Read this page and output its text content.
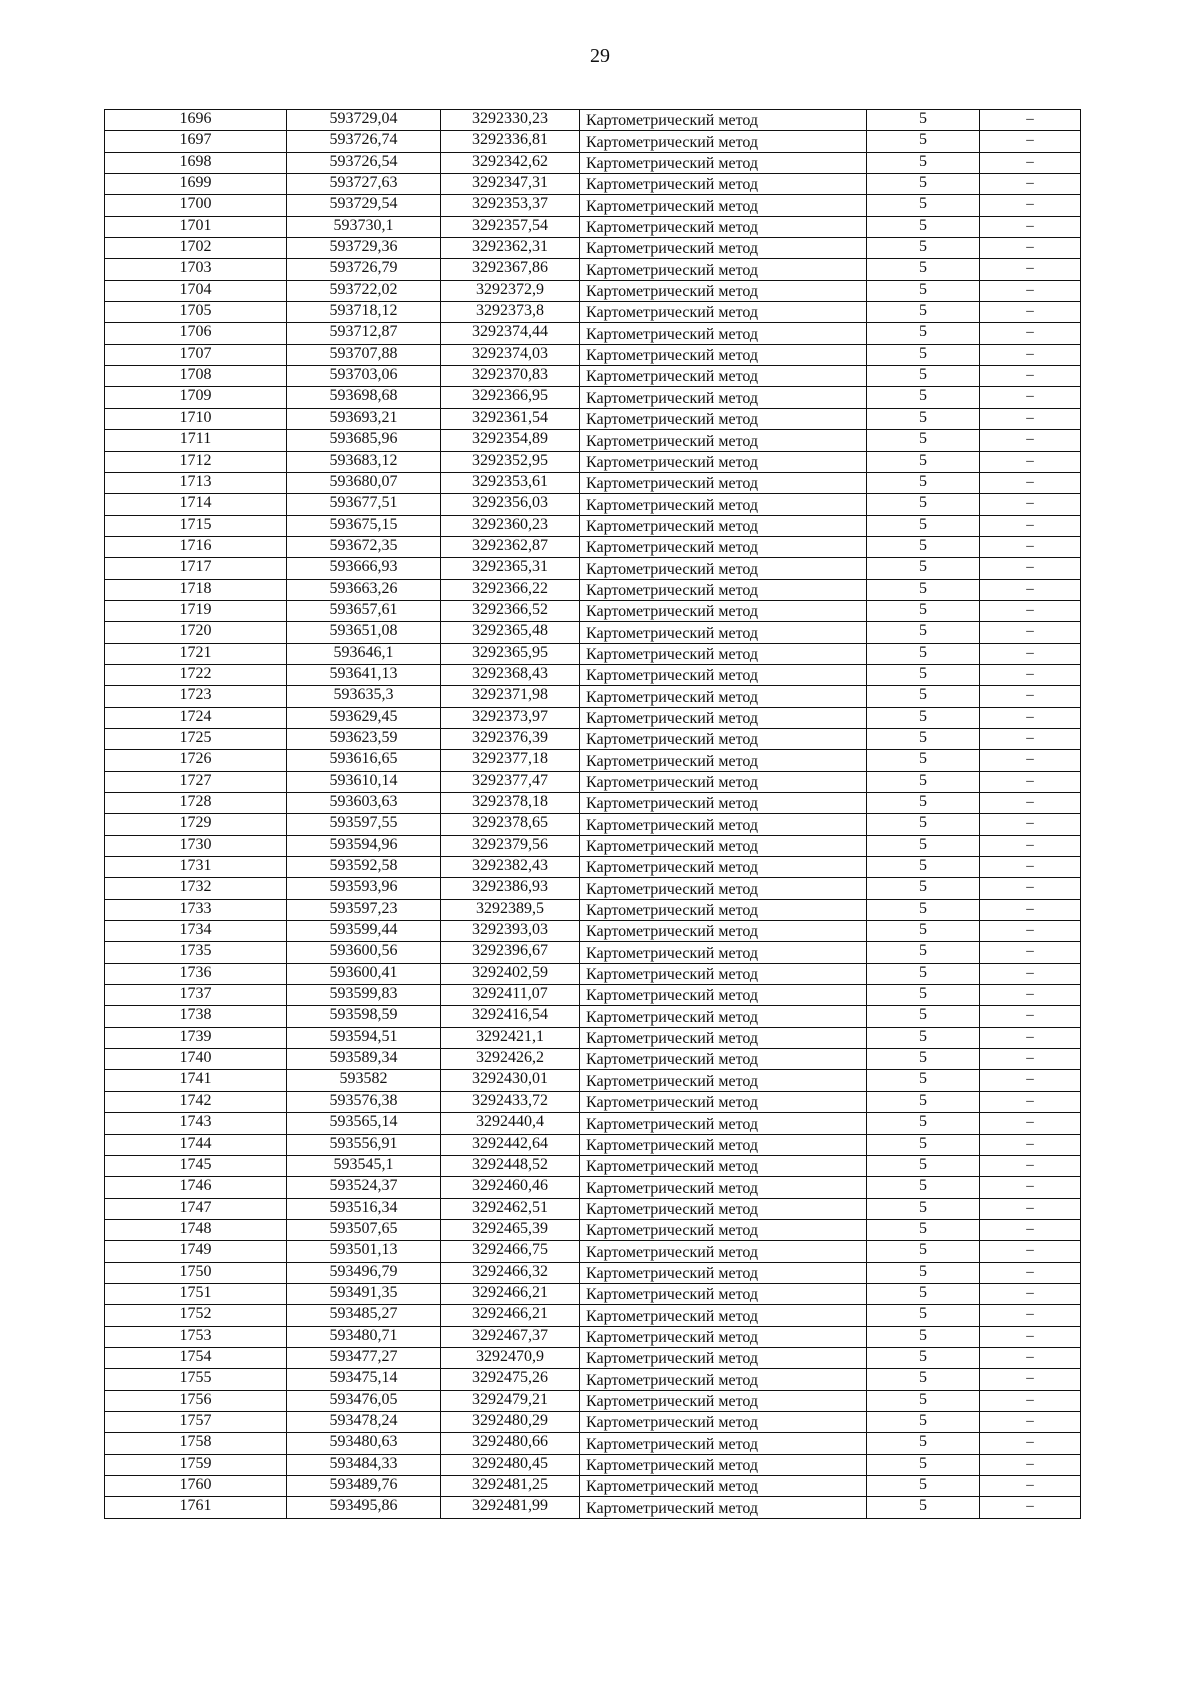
29
1696	593729,04	3292330,23	Картометрический метод	5	–
1697	593726,74	3292336,81	Картометрический метод	5	–
1698	593726,54	3292342,62	Картометрический метод	5	–
1699	593727,63	3292347,31	Картометрический метод	5	–
1700	593729,54	3292353,37	Картометрический метод	5	–
1701	593730,1	3292357,54	Картометрический метод	5	–
1702	593729,36	3292362,31	Картометрический метод	5	–
1703	593726,79	3292367,86	Картометрический метод	5	–
1704	593722,02	3292372,9	Картометрический метод	5	–
1705	593718,12	3292373,8	Картометрический метод	5	–
1706	593712,87	3292374,44	Картометрический метод	5	–
1707	593707,88	3292374,03	Картометрический метод	5	–
1708	593703,06	3292370,83	Картометрический метод	5	–
1709	593698,68	3292366,95	Картометрический метод	5	–
1710	593693,21	3292361,54	Картометрический метод	5	–
1711	593685,96	3292354,89	Картометрический метод	5	–
1712	593683,12	3292352,95	Картометрический метод	5	–
1713	593680,07	3292353,61	Картометрический метод	5	–
1714	593677,51	3292356,03	Картометрический метод	5	–
1715	593675,15	3292360,23	Картометрический метод	5	–
1716	593672,35	3292362,87	Картометрический метод	5	–
1717	593666,93	3292365,31	Картометрический метод	5	–
1718	593663,26	3292366,22	Картометрический метод	5	–
1719	593657,61	3292366,52	Картометрический метод	5	–
1720	593651,08	3292365,48	Картометрический метод	5	–
1721	593646,1	3292365,95	Картометрический метод	5	–
1722	593641,13	3292368,43	Картометрический метод	5	–
1723	593635,3	3292371,98	Картометрический метод	5	–
1724	593629,45	3292373,97	Картометрический метод	5	–
1725	593623,59	3292376,39	Картометрический метод	5	–
1726	593616,65	3292377,18	Картометрический метод	5	–
1727	593610,14	3292377,47	Картометрический метод	5	–
1728	593603,63	3292378,18	Картометрический метод	5	–
1729	593597,55	3292378,65	Картометрический метод	5	–
1730	593594,96	3292379,56	Картометрический метод	5	–
1731	593592,58	3292382,43	Картометрический метод	5	–
1732	593593,96	3292386,93	Картометрический метод	5	–
1733	593597,23	3292389,5	Картометрический метод	5	–
1734	593599,44	3292393,03	Картометрический метод	5	–
1735	593600,56	3292396,67	Картометрический метод	5	–
1736	593600,41	3292402,59	Картометрический метод	5	–
1737	593599,83	3292411,07	Картометрический метод	5	–
1738	593598,59	3292416,54	Картометрический метод	5	–
1739	593594,51	3292421,1	Картометрический метод	5	–
1740	593589,34	3292426,2	Картометрический метод	5	–
1741	593582	3292430,01	Картометрический метод	5	–
1742	593576,38	3292433,72	Картометрический метод	5	–
1743	593565,14	3292440,4	Картометрический метод	5	–
1744	593556,91	3292442,64	Картометрический метод	5	–
1745	593545,1	3292448,52	Картометрический метод	5	–
1746	593524,37	3292460,46	Картометрический метод	5	–
1747	593516,34	3292462,51	Картометрический метод	5	–
1748	593507,65	3292465,39	Картометрический метод	5	–
1749	593501,13	3292466,75	Картометрический метод	5	–
1750	593496,79	3292466,32	Картометрический метод	5	–
1751	593491,35	3292466,21	Картометрический метод	5	–
1752	593485,27	3292466,21	Картометрический метод	5	–
1753	593480,71	3292467,37	Картометрический метод	5	–
1754	593477,27	3292470,9	Картометрический метод	5	–
1755	593475,14	3292475,26	Картометрический метод	5	–
1756	593476,05	3292479,21	Картометрический метод	5	–
1757	593478,24	3292480,29	Картометрический метод	5	–
1758	593480,63	3292480,66	Картометрический метод	5	–
1759	593484,33	3292480,45	Картометрический метод	5	–
1760	593489,76	3292481,25	Картометрический метод	5	–
1761	593495,86	3292481,99	Картометрический метод	5	–
